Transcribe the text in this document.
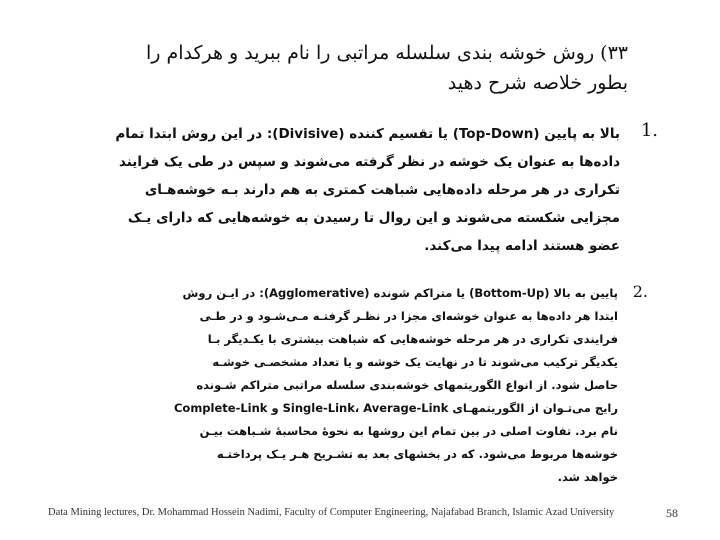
۳۳) روش خوشه بندی سلسله مراتبی را نام ببرید و هرکدام را
بطور خلاصه شرح دهید
1.
بالا به پایین (Top-Down) یا تقسیم کننده (Divisive): در این روش ابتدا تمام
داده‌ها به عنوان یک خوشه در نظر گرفته می‌شوند و سپس در طی یک فرایند
تکراری در هر مرحله داده‌هایی شباهت کمتری به هم دارند بـه خوشه‌هـای
مجزایی شکسته می‌شوند و این روال تا رسیدن به خوشه‌هایی که دارای یـک
عضو هستند ادامه پیدا می‌کند.
2.
پایین به بالا (Bottom-Up) یا متراکم شونده (Agglomerative): در ایـن روش
ابتدا هر داده‌ها به عنوان خوشه‌ای مجزا در نظـر گرفتـه مـی‌شـود و در طـی
فرایندی تکراری در هر مرحله خوشه‌هایی که شباهت بیشتری با یکـدیگر بـا
یکدیگر ترکیب می‌شوند تا در نهایت یک خوشه و یا تعداد مشخصـی خوشـه
حاصل شود. از انواع الگوریتمهای خوشه‌بندی سلسله مراتبی متراکم شـونده
رایج می‌تـوان از الگوریتمهـای Single-Link، Average-Link و Complete-Link
نام برد. تفاوت اصلی در بین تمام این روشها به نحوهٔ محاسبهٔ شـباهت بیـن
خوشه‌ها مربوط می‌شود. که در بخشهای بعد به تشـریح هـر یـک پرداختـه
خواهد شد.
Data Mining lectures, Dr. Mohammad Hossein Nadimi, Faculty of Computer Engineering, Najafabad Branch, Islamic Azad University	58
